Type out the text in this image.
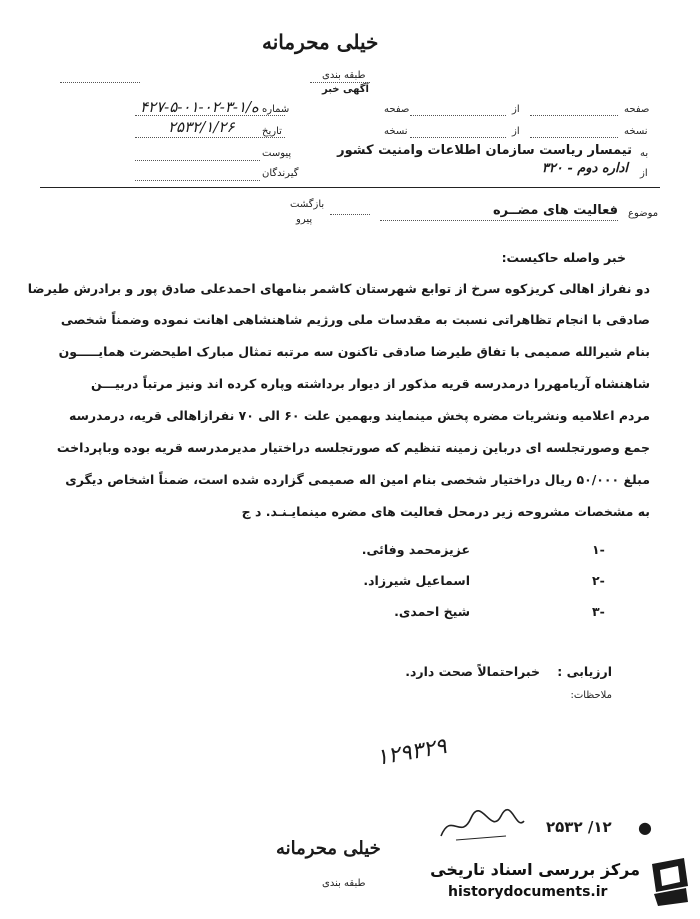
خیلی محرمانه
طبقه بندی
آگهی خبر
شماره
ه/۱-۳-۰۲-۰۱-۵-۴۲۷
تاریخ
۲۵۳۲/۱/۲۶
پیوست
گیرندگان
صفحه
از
صفحه
نسخه
از
نسخه
به
تیمسار ریاست سازمان اطلاعات وامنیت کشور
از
اداره دوم - ۳۲۰
بازگشت
پیرو
موضوع
فعالیت های مضــره
خبر واصله حاکیست:
دو نفراز اهالی کریزکوه سرخ از توابع شهرستان کاشمر بنامهای احمدعلی صادق پور و برادرش طیرضا
صادقی با انجام تظاهراتی نسبت به مقدسات ملی ورژیم شاهنشاهی اهانت نموده وضمناً شخصی
بنام شیرالله صمیمی با تفاق طیرضا صادقی تاکنون سه مرتبه تمثال مبارک اطیحضرت همایـــــون
شاهنشاه آریامهررا درمدرسه قریه مذکور از دیوار برداشته وپاره کرده اند ونیز مرتباً دربیـــن
مردم اعلامیه ونشریات مضره پخش مینمایند وبهمین علت ۶۰ الی ۷۰ نفرازاهالی قریه، درمدرسه
جمع وصورتجلسه ای درباین زمینه تنظیم که صورتجلسه دراختیار مدیرمدرسه قریه بوده وباپرداخت
مبلغ ۵۰/۰۰۰ ریال دراختیار شخصی بنام امین اله صمیمی گزارده شده است، ضمناً اشخاص دیگری
به مشخصات مشروحه زیر درمحل فعالیت های مضره مینمایـنـد. د ج
۱-
عزیزمحمد وفائی.
۲-
اسماعیل شیرزاد.
۳-
شیخ احمدی.
ارزیابی :
خبراحتمالاً صحت دارد.
ملاحظات:
۱۲۹۳۲۹
۲۵۳۲ /۱۲ ●
خیلی محرمانه
طبقه بندی
مرکز بررسی اسناد تاریخی
historydocuments.ir
